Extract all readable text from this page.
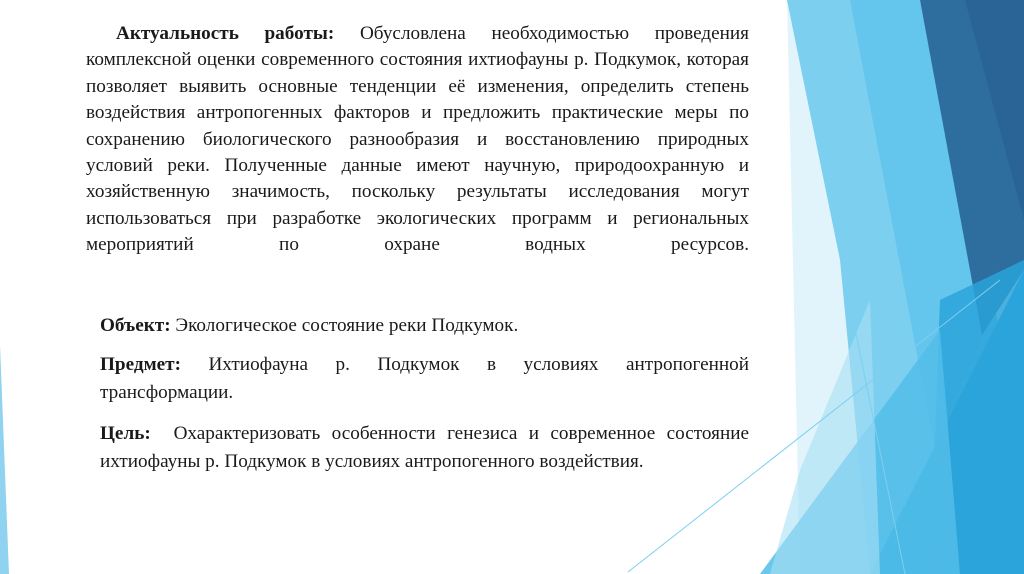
Актуальность работы: Обусловлена необходимостью проведения комплексной оценки современного состояния ихтиофауны р. Подкумок, которая позволяет выявить основные тенденции её изменения, определить степень воздействия антропогенных факторов и предложить практические меры по сохранению биологического разнообразия и восстановлению природных условий реки. Полученные данные имеют научную, природоохранную и хозяйственную значимость, поскольку результаты исследования могут использоваться при разработке экологических программ и региональных мероприятий по охране водных ресурсов.
Объект: Экологическое состояние реки Подкумок.
Предмет: Ихтиофауна р. Подкумок в условиях антропогенной трансформации.
Цель: Охарактеризовать особенности генезиса и современное состояние ихтиофауны р. Подкумок в условиях антропогенного воздействия.
